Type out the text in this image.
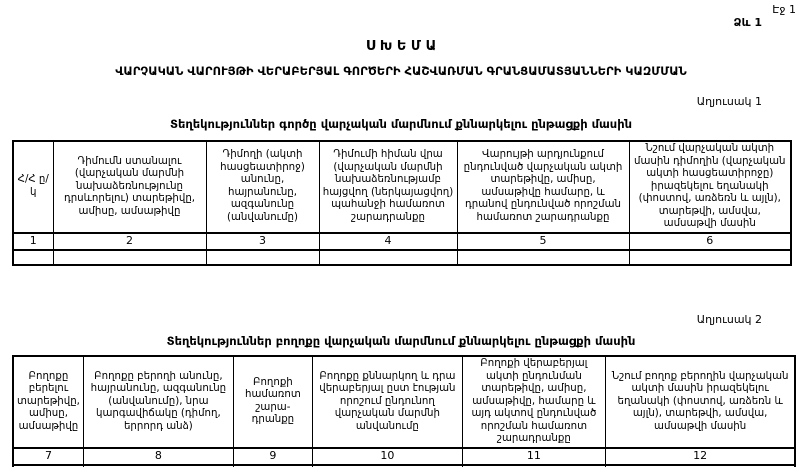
Էջ 1
Ձև 1
Ս Խ Ե Մ Ա
ՎԱՐՉԱԿԱՆ ՎԱՐՈՒՅԹԻ ՎԵՐԱԲԵՐՅԱԼ ԳՈՐԾԵՐԻ ՀԱՇՎԱՌՄԱՆ ԳՐԱՆՑԱՄԱՏՅԱՆՆԵՐԻ ԿԱԶՄՄԱՆ
Աղյուսակ 1
Տեղեկություններ գործը վարչական մարմնում քննարկելու ընթացքի մասին
Հ/Հ ը/կ	Դիմումն ստանալու (վարչական մարմնի նախաձեռնությունը դրսևորելու) տարեթիվը, ամիսը, ամսաթիվը	Դիմողի (ակտի հասցեատիրոջ) անունը, հայրանունը, ազգանունը (անվանումը)	Դիմումի հիման վրա (վարչական մարմնի նախաձեռնությամբ հայցվող (ներկայացվող) պահանջի համառոտ շարադրանքը	Վարույթի արդյունքում ընդունված վարչական ակտի տարեթիվը, ամիսը, ամսաթիվը համարը, և դրանով ընդունված որոշման համառոտ շարադրանքը	Նշում վարչական ակտի մասին դիմողին (վարչական ակտի հասցեատիրոջը) իրազեկելու եղանակի (փոստով, առձեռն և այլն), տարեթվի, ամսվա, ամսաթվի մասին
1	2	3	4	5	6

Աղյուսակ 2
Տեղեկություններ բողոքը վարչական մարմնում քննարկելու ընթացքի մասին
Բողոքը բերելու տարեթիվը, ամիսը, ամսաթիվը	Բողոքը բերողի անունը, հայրանունը, ազգանունը (անվանումը), նրա կարգավիճակը (դիմող, երրորդ անձ)	Բողոքի համառոտ շարա- դրանքը	Բողոքը քննարկող և դրա վերաբերյալ ըստ էության որոշում ընդունող վարչական մարմնի անվանումը	Բողոքի վերաբերյալ ակտի ընդունման տարեթիվը, ամիսը, ամսաթիվը, համարը և այդ ակտով ընդունված որոշման համառոտ շարադրանքը	Նշում բողոք բերողին վարչական ակտի մասին իրազեկելու եղանակի (փոստով, առձեռն և այլն), տարեթվի, ամսվա, ամսաթվի մասին
7	8	9	10	11	12
